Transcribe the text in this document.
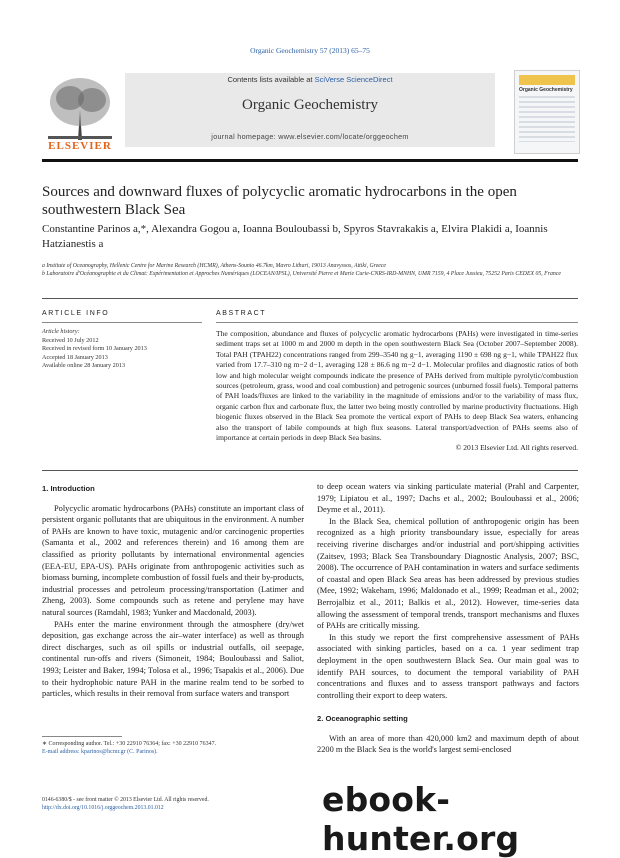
Organic Geochemistry 57 (2013) 65–75
ELSEVIER
Contents lists available at SciVerse ScienceDirect
Organic Geochemistry
journal homepage: www.elsevier.com/locate/orggeochem
Organic Geochemistry
Sources and downward fluxes of polycyclic aromatic hydrocarbons in the open southwestern Black Sea
Constantine Parinos a,*, Alexandra Gogou a, Ioanna Bouloubassi b, Spyros Stavrakakis a, Elvira Plakidi a, Ioannis Hatzianestis a
a Institute of Oceanography, Hellenic Centre for Marine Research (HCMR), Athens-Sounio 46.7km, Mavro Lithari, 19013 Anavyssos, Attiki, Greece
b Laboratoire d'Océanographie et du Climat: Expérimentation et Approches Numériques (LOCEAN/IPSL), Université Pierre et Marie Curie-CNRS-IRD-MNHN, UMR 7159, 4 Place Jussieu, 75252 Paris CEDEX 05, France
ARTICLE INFO
Article history:
Received 10 July 2012
Received in revised form 10 January 2013
Accepted 18 January 2013
Available online 28 January 2013
ABSTRACT
The composition, abundance and fluxes of polycyclic aromatic hydrocarbons (PAHs) were investigated in time-series sediment traps set at 1000 m and 2000 m depth in the open southwestern Black Sea (October 2007–September 2008). Total PAH (TPAH22) concentrations ranged from 299–3540 ng g−1, averaging 1190 ± 698 ng g−1, while TPAH22 flux varied from 17.7–310 ng m−2 d−1, averaging 128 ± 86.6 ng m−2 d−1. Molecular profiles and diagnostic ratios of both low and high molecular weight compounds indicate the presence of PAHs derived from multiple pyrolytic/combustion sources (petroleum, grass, wood and coal combustion) and petrogenic sources (unburned fossil fuels). Temporal patterns of PAH loads/fluxes are linked to the variability in the magnitude of emissions and/or to the variability of mass flux, organic carbon flux and carbonate flux, the latter two being mostly controlled by marine productivity fluctuations. High biogenic fluxes observed in the Black Sea promote the vertical export of PAHs to deep Black Sea waters, enhancing also the transport of labile compounds at high flux seasons. Lateral transport/advection of PAHs seems also of importance at certain periods in deep Black Sea basins.
© 2013 Elsevier Ltd. All rights reserved.
1. Introduction

Polycyclic aromatic hydrocarbons (PAHs) constitute an important class of persistent organic pollutants that are ubiquitous in the environment. A number of PAHs are known to have toxic, mutagenic and/or carcinogenic properties (Samanta et al., 2002 and references therein) and 16 among them are classified as priority pollutants by international environmental agencies (EEA-EU, EPA-US). PAHs originate from anthropogenic activities such as biomass burning, incomplete combustion of fossil fuels and their by-products, industrial processes and petroleum processing/transportation (Latimer and Zheng, 2003). Some compounds such as retene and perylene may have natural sources (Ramdahl, 1983; Yunker and Macdonald, 2003).

PAHs enter the marine environment through the atmosphere (dry/wet deposition, gas exchange across the air–water interface) as well as through direct discharges, such as oil spills or industrial outfalls, oil seepage, continental run-offs and rivers (Simoneit, 1984; Bouloubassi and Saliot, 1993; Leister and Baker, 1994; Tolosa et al., 1996; Tsapakis et al., 2006). Due to their hydrophobic nature PAH in the marine realm tend to be sorbed to particles, which results in their removal from surface waters and transport

to deep ocean waters via sinking particulate material (Prahl and Carpenter, 1979; Lipiatou et al., 1997; Dachs et al., 2002; Bouloubassi et al., 2006; Deyme et al., 2011).

In the Black Sea, chemical pollution of anthropogenic origin has been recognized as a high priority transboundary issue, especially for areas receiving riverine discharges and/or industrial and port/shipping activities (Zaitsev, 1993; Black Sea Transboundary Diagnostic Analysis, 2007; BSC, 2008). The occurrence of PAH contamination in waters and surface sediments of coastal and open Black Sea areas has been addressed by previous studies (Mee, 1992; Wakeham, 1996; Maldonado et al., 1999; Readman et al., 2002; Berrojalbiz et al., 2011; Balkis et al., 2012). However, time-series data allowing the assessment of temporal trends, transport mechanisms and fluxes of PAHs are critically missing.

In this study we report the first comprehensive assessment of PAHs associated with sinking particles, based on a ca. 1 year sediment trap deployment in the open southwestern Black Sea. Our main goal was to identify PAH sources, to document the temporal variability of PAH concentrations and fluxes and to assess transport pathways and factors controlling their export to deep waters.

2. Oceanographic setting

With an area of more than 420,000 km2 and maximum depth of about 2200 m the Black Sea is the world's largest semi-enclosed

∗ Corresponding author. Tel.: +30 22910 76364; fax: +30 22910 76347.
E-mail address: kparinos@hcmr.gr (C. Parinos).
0146-6380/$ - see front matter © 2013 Elsevier Ltd. All rights reserved.
http://dx.doi.org/10.1016/j.orggeochem.2013.01.012	ebook-hunter.org
